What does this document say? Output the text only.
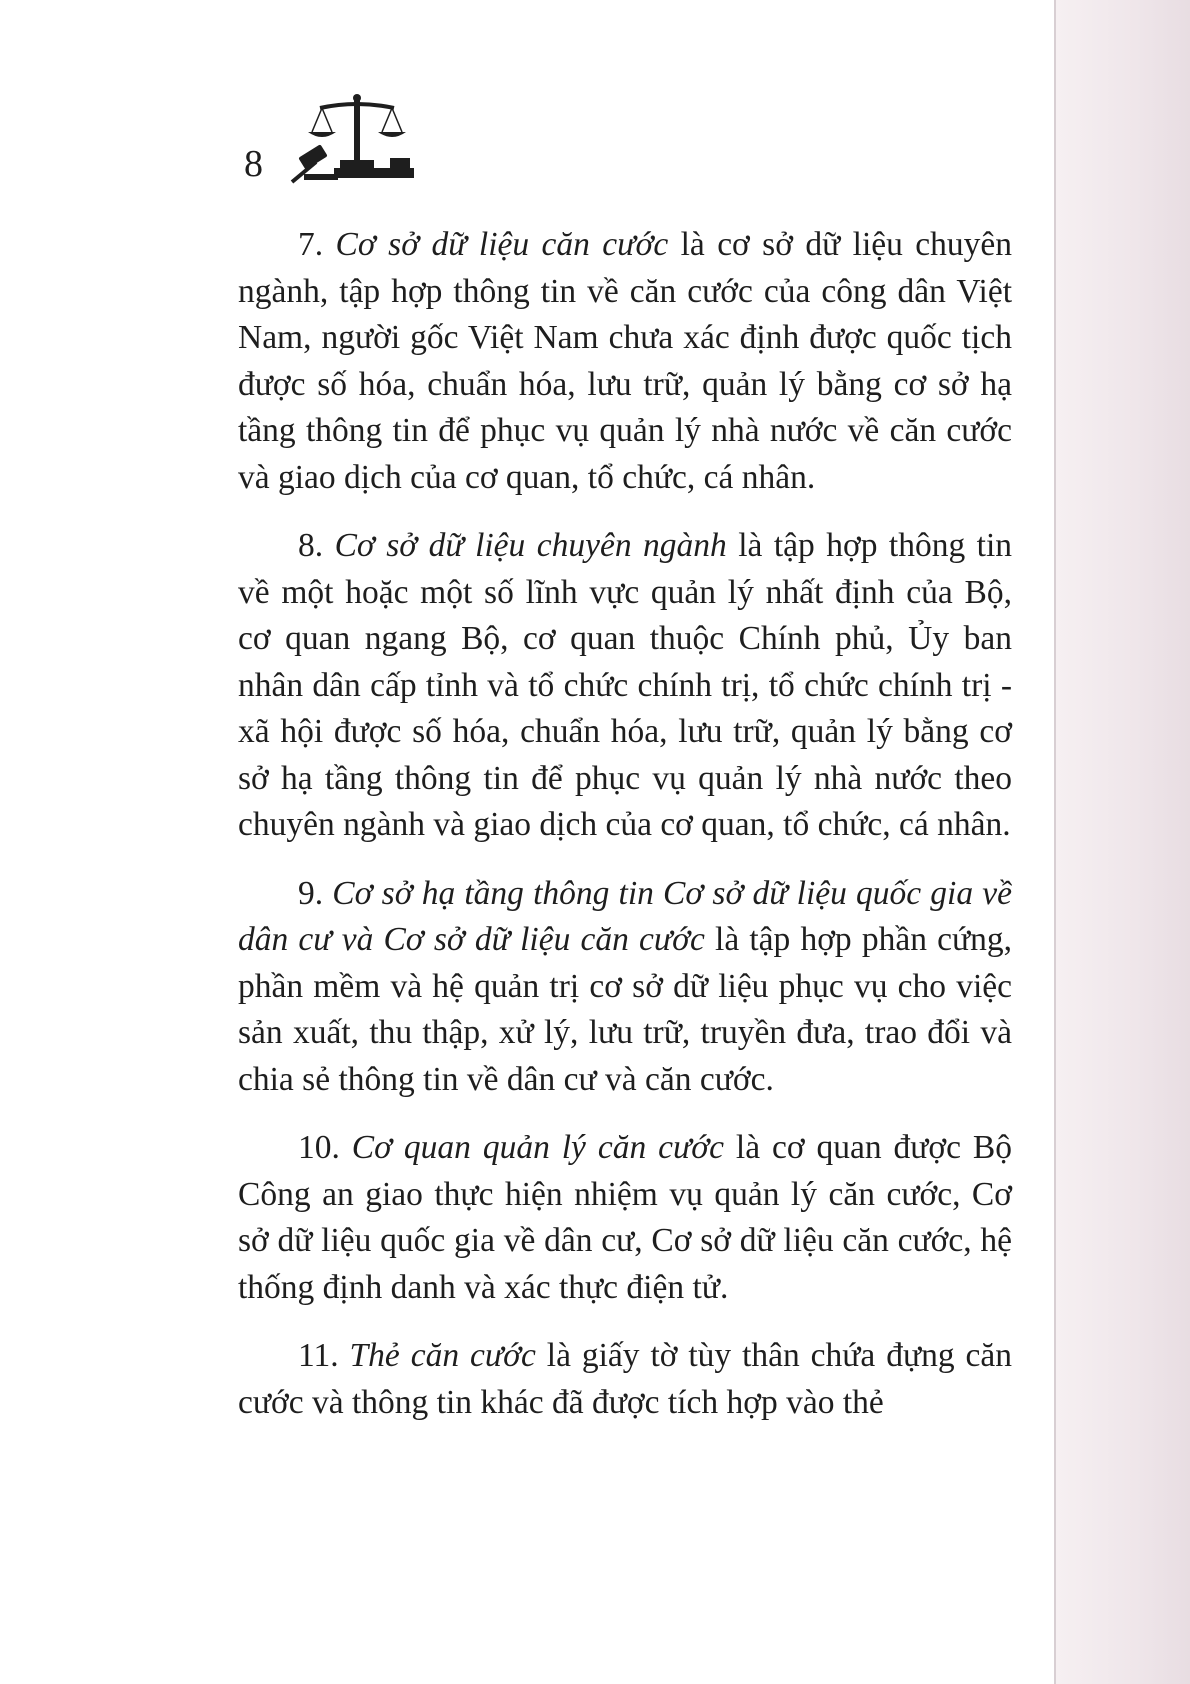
8

7. Cơ sở dữ liệu căn cước là cơ sở dữ liệu chuyên ngành, tập hợp thông tin về căn cước của công dân Việt Nam, người gốc Việt Nam chưa xác định được quốc tịch được số hóa, chuẩn hóa, lưu trữ, quản lý bằng cơ sở hạ tầng thông tin để phục vụ quản lý nhà nước về căn cước và giao dịch của cơ quan, tổ chức, cá nhân.

8. Cơ sở dữ liệu chuyên ngành là tập hợp thông tin về một hoặc một số lĩnh vực quản lý nhất định của Bộ, cơ quan ngang Bộ, cơ quan thuộc Chính phủ, Ủy ban nhân dân cấp tỉnh và tổ chức chính trị, tổ chức chính trị - xã hội được số hóa, chuẩn hóa, lưu trữ, quản lý bằng cơ sở hạ tầng thông tin để phục vụ quản lý nhà nước theo chuyên ngành và giao dịch của cơ quan, tổ chức, cá nhân.

9. Cơ sở hạ tầng thông tin Cơ sở dữ liệu quốc gia về dân cư và Cơ sở dữ liệu căn cước là tập hợp phần cứng, phần mềm và hệ quản trị cơ sở dữ liệu phục vụ cho việc sản xuất, thu thập, xử lý, lưu trữ, truyền đưa, trao đổi và chia sẻ thông tin về dân cư và căn cước.

10. Cơ quan quản lý căn cước là cơ quan được Bộ Công an giao thực hiện nhiệm vụ quản lý căn cước, Cơ sở dữ liệu quốc gia về dân cư, Cơ sở dữ liệu căn cước, hệ thống định danh và xác thực điện tử.

11. Thẻ căn cước là giấy tờ tùy thân chứa đựng căn cước và thông tin khác đã được tích hợp vào thẻ
